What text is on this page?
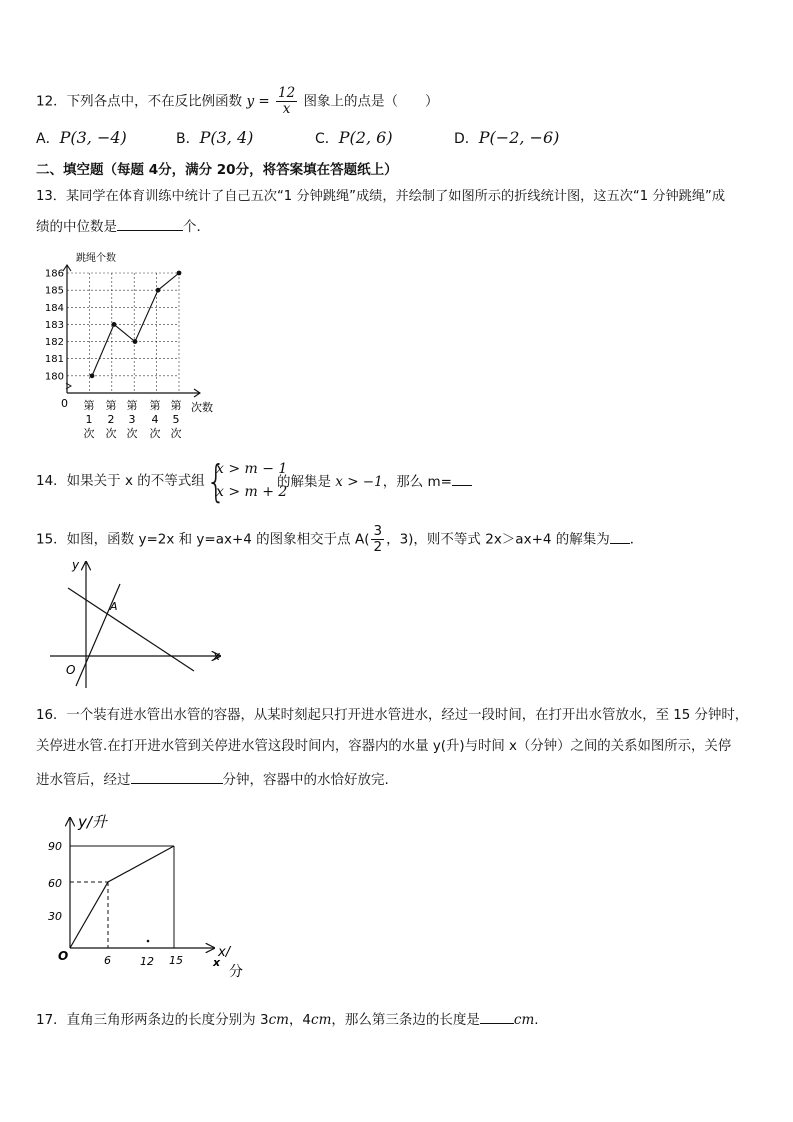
12．下列各点中，不在反比例函数 $y = \frac{12}{x}$ 图象上的点是（　　）
A．P(3, −4)	B．P(3, 4)	C．P(2, 6)	D．P(−2, −6)
二、填空题（每题 4分，满分 20分，将答案填在答题纸上）
13．某同学在体育训练中统计了自己五次“1 分钟跳绳”成绩，并绘制了如图所示的折线统计图，这五次“1 分钟跳绳”成
绩的中位数是	个．
180
181
182
183
184
185
186
第
1
次
第
2
次
第
3
次
第
4
次
第
5
次
跳绳个数
次数
0
14．如果关于 x 的不等式组 {
x > m − 1
x > m + 2
的解集是 x > −1，那么 m=
15．如图，函数 y=2x 和 y=ax+4 的图象相交于点 $A( \frac{3}{2}$ ，3)，则不等式 2x＞ax+4 的解集为 ．
y
x
O
A
16．一个装有进水管出水管的容器，从某时刻起只打开进水管进水，经过一段时间，在打开出水管放水，至 15 分钟时，
关停进水管.在打开进水管到关停进水管这段时间内，容器内的水量 y(升)与时间 x（分钟）之间的关系如图所示，关停
进水管后，经过	分钟，容器中的水恰好放完.
y/升
90
60
30
O	6	12 15
x/
分
x
17．直角三角形两条边的长度分别为 3cm，4cm，那么第三条边的长度是	cm.
